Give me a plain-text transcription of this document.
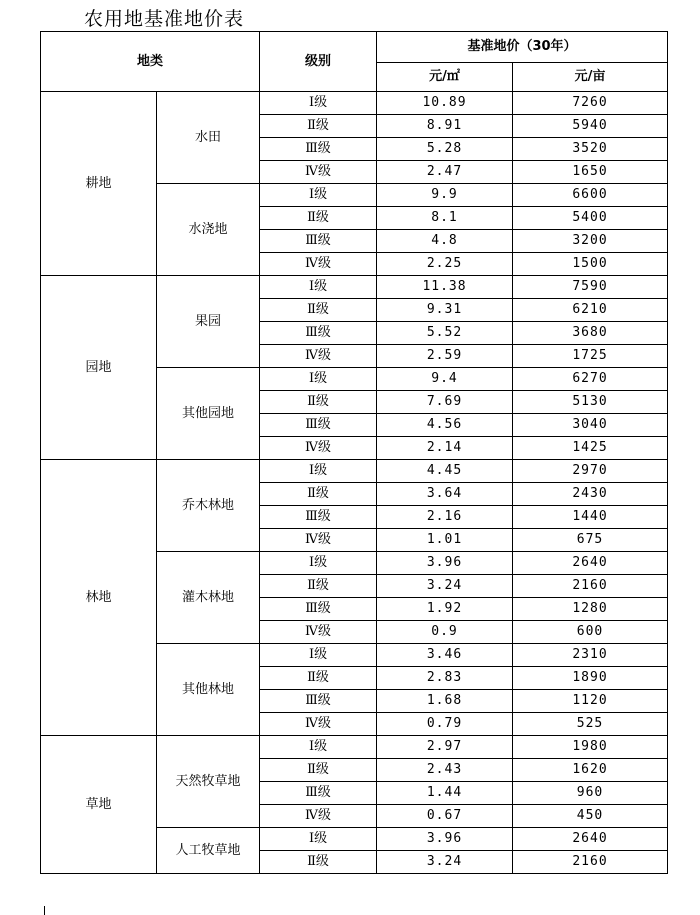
农用地基准地价表
地类		级别	基准地价（30年）	
			元/㎡	元/亩
耕地	水田	Ⅰ级	10.89	7260
		Ⅱ级	8.91	5940
		Ⅲ级	5.28	3520
		Ⅳ级	2.47	1650
	水浇地	Ⅰ级	9.9	6600
		Ⅱ级	8.1	5400
		Ⅲ级	4.8	3200
		Ⅳ级	2.25	1500
园地	果园	Ⅰ级	11.38	7590
		Ⅱ级	9.31	6210
		Ⅲ级	5.52	3680
		Ⅳ级	2.59	1725
	其他园地	Ⅰ级	9.4	6270
		Ⅱ级	7.69	5130
		Ⅲ级	4.56	3040
		Ⅳ级	2.14	1425
林地	乔木林地	Ⅰ级	4.45	2970
		Ⅱ级	3.64	2430
		Ⅲ级	2.16	1440
		Ⅳ级	1.01	675
	灌木林地	Ⅰ级	3.96	2640
		Ⅱ级	3.24	2160
		Ⅲ级	1.92	1280
		Ⅳ级	0.9	600
	其他林地	Ⅰ级	3.46	2310
		Ⅱ级	2.83	1890
		Ⅲ级	1.68	1120
		Ⅳ级	0.79	525
草地	天然牧草地	Ⅰ级	2.97	1980
		Ⅱ级	2.43	1620
		Ⅲ级	1.44	960
		Ⅳ级	0.67	450
	人工牧草地	Ⅰ级	3.96	2640
		Ⅱ级	3.24	2160
